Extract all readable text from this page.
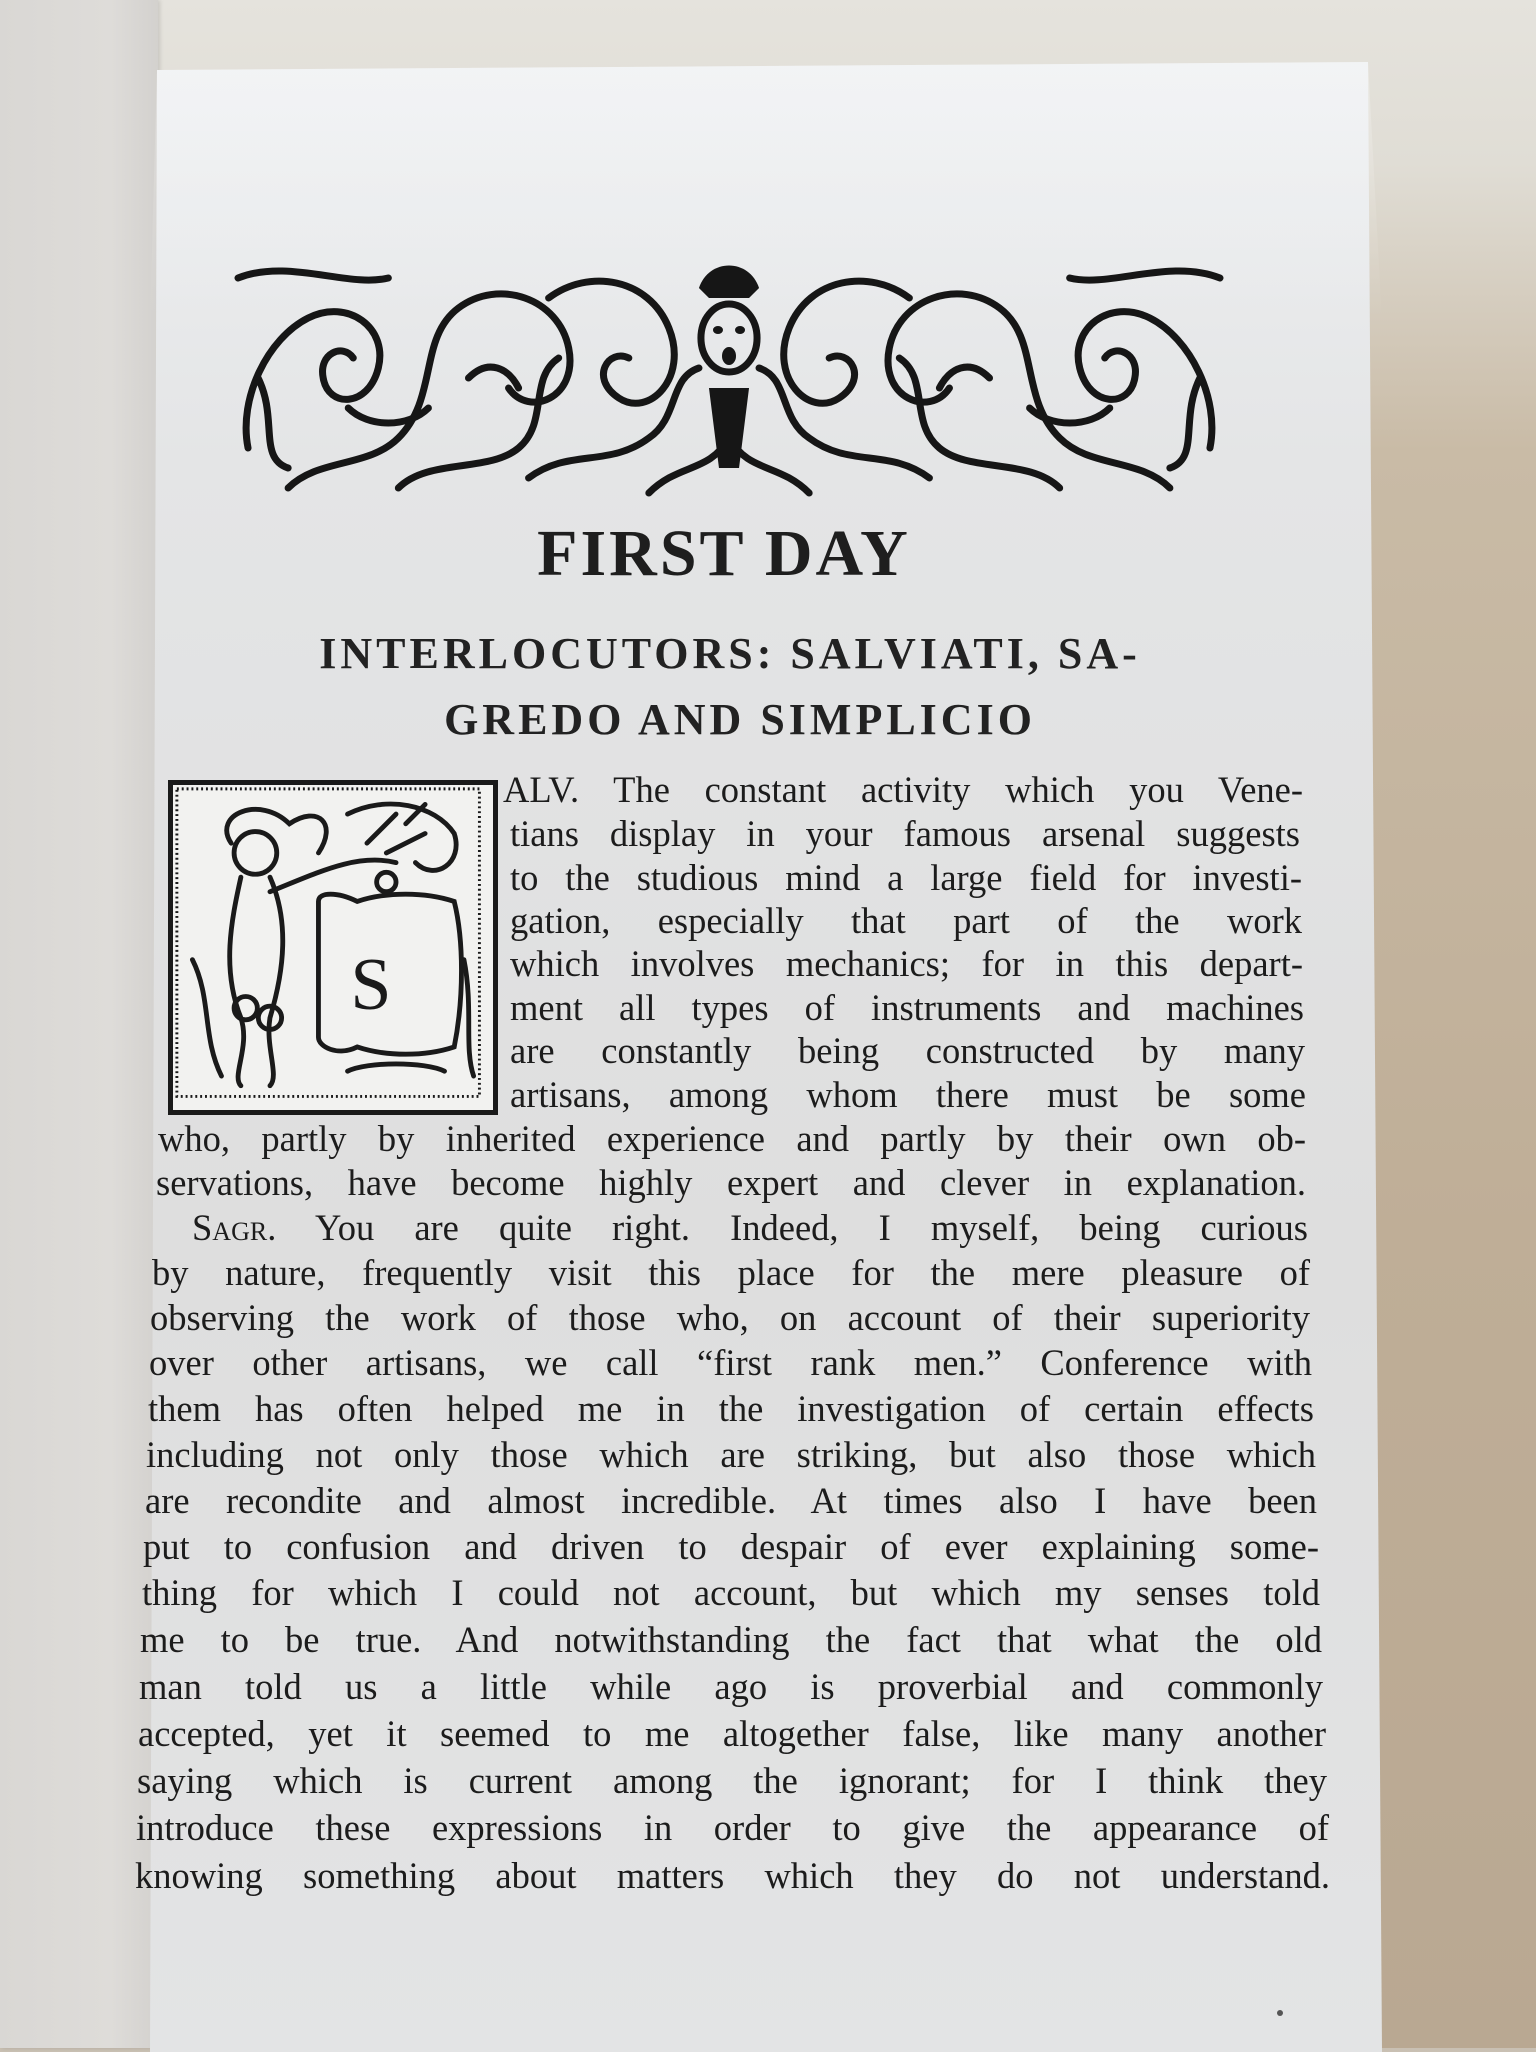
FIRST DAY
INTERLOCUTORS: SALVIATI, SA-
GREDO AND SIMPLICIO
S
ALV. The constant activity which you Vene-
tians display in your famous arsenal suggests
to the studious mind a large field for investi-
gation, especially that part of the work
which involves mechanics; for in this depart-
ment all types of instruments and machines
are constantly being constructed by many
artisans, among whom there must be some
who, partly by inherited experience and partly by their own ob-
servations, have become highly expert and clever in explanation.
Sagr. You are quite right. Indeed, I myself, being curious
by nature, frequently visit this place for the mere pleasure of
observing the work of those who, on account of their superiority
over other artisans, we call “first rank men.” Conference with
them has often helped me in the investigation of certain effects
including not only those which are striking, but also those which
are recondite and almost incredible. At times also I have been
put to confusion and driven to despair of ever explaining some-
thing for which I could not account, but which my senses told
me to be true. And notwithstanding the fact that what the old
man told us a little while ago is proverbial and commonly
accepted, yet it seemed to me altogether false, like many another
saying which is current among the ignorant; for I think they
introduce these expressions in order to give the appearance of
knowing something about matters which they do not understand.
